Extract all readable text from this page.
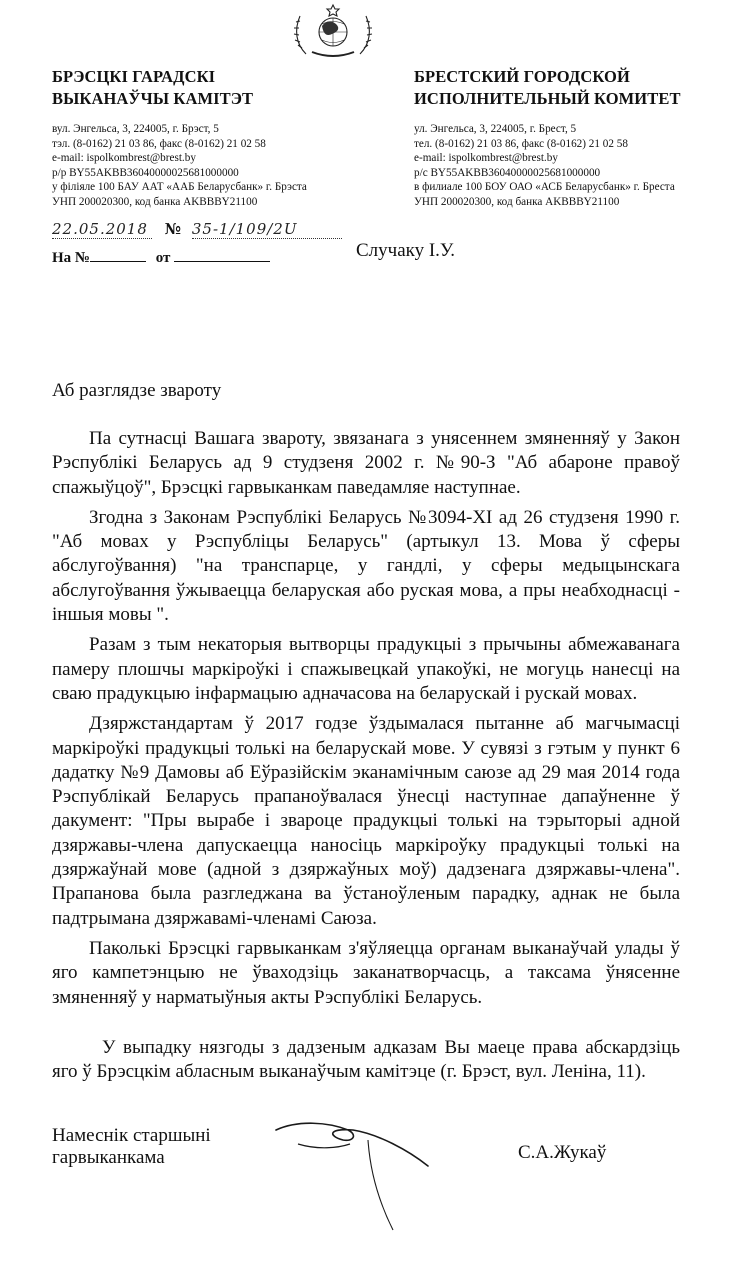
БРЭСЦКІ ГАРАДСКІ
ВЫКАНАЎЧЫ КАМІТЭТ
вул. Энгельса, 3, 224005, г. Брэст, 5
тэл. (8-0162) 21 03 86, факс (8-0162) 21 02 58
e-mail: ispolkombrest@brest.by
р/р BY55AKBB36040000025681000000
у філіяле 100 БАУ ААТ «ААБ Беларусбанк» г. Брэста
УНП 200020300, код банка AKBBBY21100
БРЕСТСКИЙ ГОРОДСКОЙ
ИСПОЛНИТЕЛЬНЫЙ КОМИТЕТ
ул. Энгельса, 3, 224005, г. Брест, 5
тел. (8-0162) 21 03 86, факс (8-0162) 21 02 58
e-mail: ispolkombrest@brest.by
р/с BY55AKBB36040000025681000000
в филиале 100 БОУ ОАО «АСБ Беларусбанк» г. Бреста
УНП 200020300, код банка AKBBBY21100
22.05.2018 № 35-1/109/2U
На №	от	Случаку І.У.
Аб разглядзе звароту

Па сутнасці Вашага звароту, звязанага з унясеннем змяненняў у Закон Рэспублікі Беларусь ад 9 студзеня 2002 г. №90-З "Аб абароне правоў спажыўцоў", Брэсцкі гарвыканкам паведамляе наступнае.

Згодна з Законам Рэспублікі Беларусь №3094-XI ад 26 студзеня 1990 г. "Аб мовах у Рэспубліцы Беларусь" (артыкул 13. Мова ў сферы абслугоўвання) "на транспарце, у гандлі, у сферы медыцынскага абслугоўвання ўжываецца беларуская або руская мова, а пры неабходнасці - іншыя мовы ".

Разам з тым некаторыя вытворцы прадукцыі з прычыны абмежаванага памеру плошчы маркіроўкі і спажывецкай упакоўкі, не могуць нанесці на сваю прадукцыю інфармацыю адначасова на беларускай і рускай мовах.

Дзяржстандартам ў 2017 годзе ўздымалася пытанне аб магчымасці маркіроўкі прадукцыі толькі на беларускай мове. У сувязі з гэтым у пункт 6 дадатку №9 Дамовы аб Еўразійскім эканамічным саюзе ад 29 мая 2014 года Рэспублікай Беларусь прапаноўвалася ўнесці наступнае дапаўненне ў дакумент: "Пры вырабе і звароце прадукцыі толькі на тэрыторыі адной дзяржавы-члена дапускаецца наносіць маркіроўку прадукцыі толькі на дзяржаўнай мове (адной з дзяржаўных моў) дадзенага дзяржавы-члена". Прапанова была разгледжана ва ўстаноўленым парадку, аднак не была падтрымана дзяржавамі-членамі Саюза.

Паколькі Брэсцкі гарвыканкам з'яўляецца органам выканаўчай улады ў яго кампетэнцыю не ўваходзіць заканатворчасць, а таксама ўнясенне змяненняў у нарматыўныя акты Рэспублікі Беларусь.

У выпадку нязгоды з дадзеным адказам Вы маеце права абскардзіць яго ў Брэсцкім абласным выканаўчым камітэце (г. Брэст, вул. Леніна, 11).

Намеснік старшыні
гарвыканкама	С.А.Жукаў
